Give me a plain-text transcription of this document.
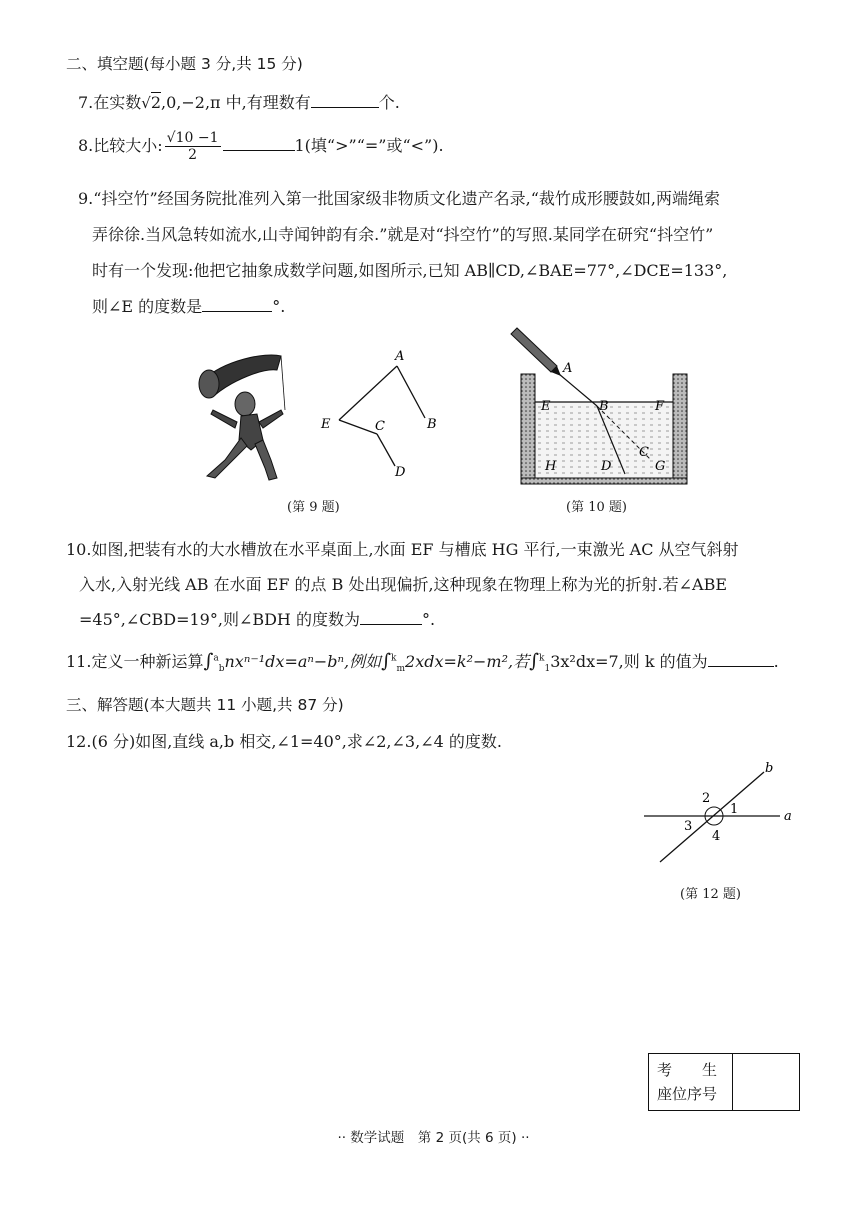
二、填空题(每小题 3 分,共 15 分)
7.在实数√2,0,−2,π 中,有理数有	个.
8.比较大小: $\frac{√10 -1}{2}$	1(填“>”“=”或“<”).
9.“抖空竹”经国务院批准列入第一批国家级非物质文化遗产名录,“裁竹成形腰鼓如,两端绳索
弄徐徐.当风急转如流水,山寺闻钟韵有余.”就是对“抖空竹”的写照.某同学在研究“抖空竹”
时有一个发现:他把它抽象成数学问题,如图所示,已知 AB∥CD,∠BAE=77°,∠DCE=133°,
则∠E 的度数是	°.
A
B
C
D
E
(第 9 题)
A
B
C
D
E	F
G
H
(第 10 题)
10.如图,把装有水的大水槽放在水平桌面上,水面 EF 与槽底 HG 平行,一束激光 AC 从空气斜射
入水,入射光线 AB 在水面 EF 的点 B 处出现偏折,这种现象在物理上称为光的折射.若∠ABE
=45°,∠CBD=19°,则∠BDH 的度数为	°.
11.定义一种新运算∫$^a_b$nxⁿ⁻¹dx=aⁿ−bⁿ,例如∫$^k_m$2xdx=k²−m²,若∫$^k_1$3x²dx=7,则 k 的值为	.
三、解答题(本大题共 11 小题,共 87 分)
12.(6 分)如图,直线 a,b 相交,∠1=40°,求∠2,∠3,∠4 的度数.
a
b
1
2
3
4
(第 12 题)
考　　生
座位序号
·· 数学试题　第 2 页(共 6 页) ··
